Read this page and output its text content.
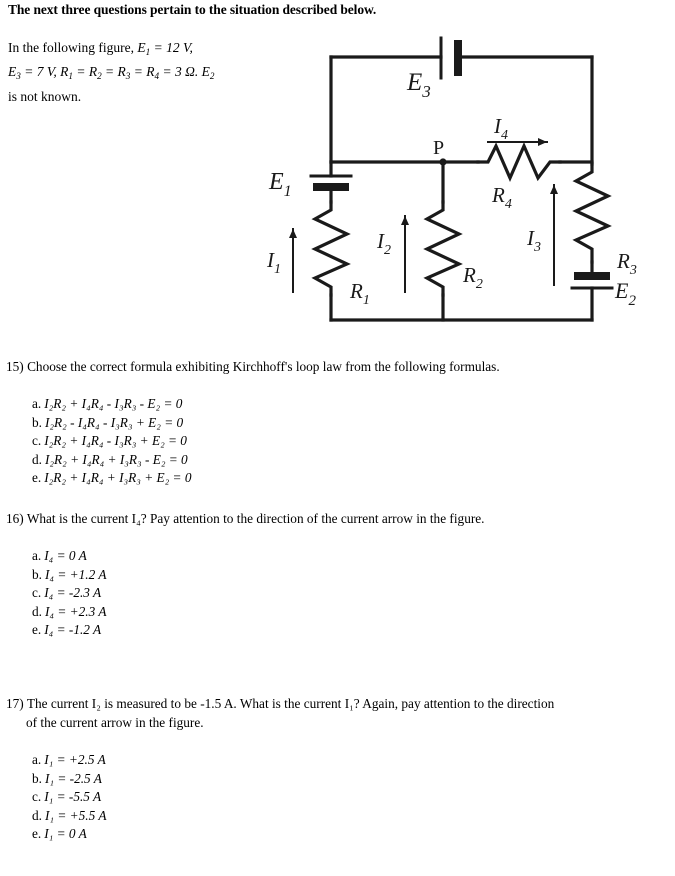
The next three questions pertain to the situation described below.
In the following figure, $E_1 = 12$ V,
$E_3 = 7$ V, $R_1 = R_2 = R_3 = R_4 = 3$ Ω. $E_2$
is not known.
$E_3$
$I_4$
P
$R_4$
$E_1$
$I_1$
$R_1$
$I_2$
$R_2$
$I_3$
$R_3$
$E_2$
15) Choose the correct formula exhibiting Kirchhoff's loop law from the following formulas.
a. I₂R₂ + I₄R₄ - I₃R₃ - E₂ = 0
b. I₂R₂ - I₄R₄ - I₃R₃ + E₂ = 0
c. I₂R₂ + I₄R₄ - I₃R₃ + E₂ = 0
d. I₂R₂ + I₄R₄ + I₃R₃ - E₂ = 0
e. I₂R₂ + I₄R₄ + I₃R₃ + E₂ = 0
16) What is the current I₄? Pay attention to the direction of the current arrow in the figure.
a. I₄ = 0 A
b. I₄ = +1.2 A
c. I₄ = -2.3 A
d. I₄ = +2.3 A
e. I₄ = -1.2 A
17) The current I₂ is measured to be -1.5 A. What is the current I₁? Again, pay attention to the direction
of the current arrow in the figure.
a. I₁ = +2.5 A
b. I₁ = -2.5 A
c. I₁ = -5.5 A
d. I₁ = +5.5 A
e. I₁ = 0 A
